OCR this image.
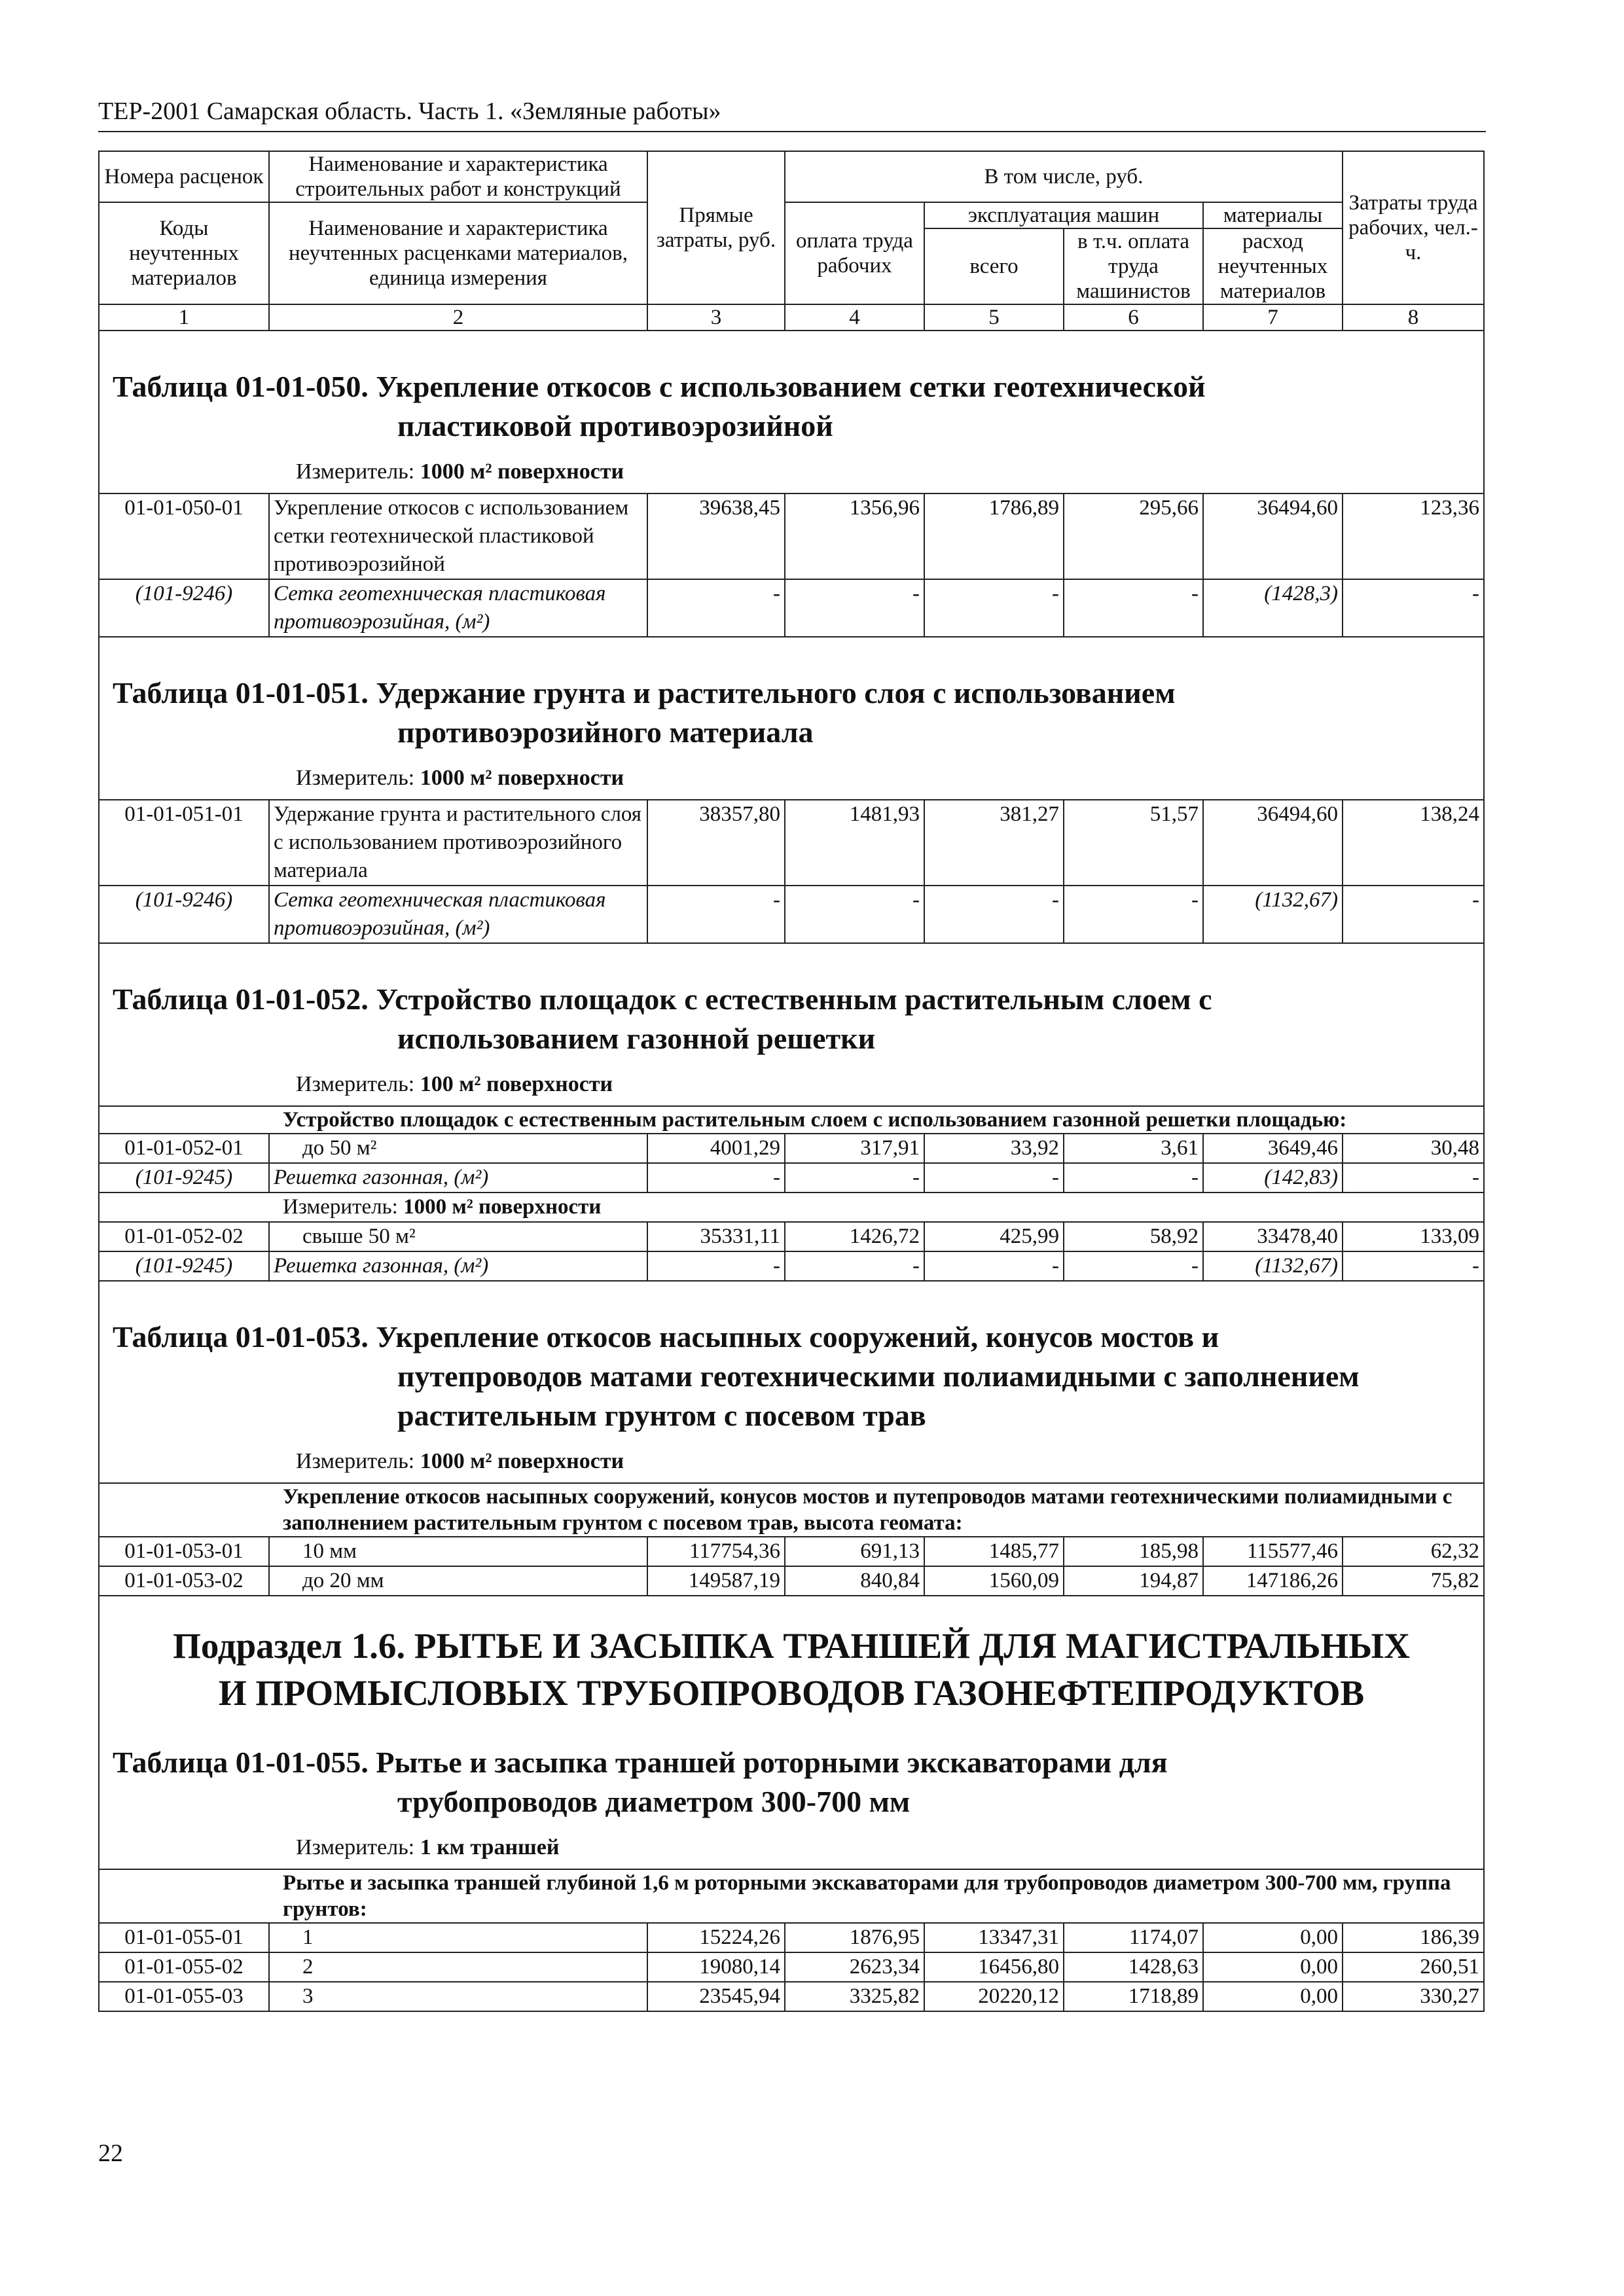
ТЕР-2001 Самарская область. Часть 1. «Земляные работы»
Номера расценок	Наименование и характеристика строительных работ и конструкций	Прямые затраты, руб.	В том числе, руб.				Затраты труда рабочих, чел.-ч.
Коды неучтенных материалов	Наименование и характеристика неучтенных расценками материалов, единица измерения		оплата труда рабочих	эксплуатация машин		материалы	
				всего	в т.ч. оплата труда машинистов	расход неучтенных материалов	
1	2	3	4	5	6	7	8
Таблица 01-01-050. Укрепление откосов с использованием сетки геотехнической
пластиковой противоэрозийной
Измеритель: 1000 м² поверхности							

01-01-050-01	Укрепление откосов с использованием сетки геотехнической пластиковой противоэрозийной	39638,45	1356,96	1786,89	295,66	36494,60	123,36
(101-9246)	Сетка геотехническая пластиковая противоэрозийная, (м²)	-	-	-	-	(1428,3)	-
Таблица 01-01-051. Удержание грунта и растительного слоя с использованием
противоэрозийного материала
Измеритель: 1000 м² поверхности							

01-01-051-01	Удержание грунта и растительного слоя с использованием противоэрозийного материала	38357,80	1481,93	381,27	51,57	36494,60	138,24
(101-9246)	Сетка геотехническая пластиковая противоэрозийная, (м²)	-	-	-	-	(1132,67)	-
Таблица 01-01-052. Устройство площадок с естественным растительным слоем с
использованием газонной решетки
Измеритель: 100 м² поверхности							

Устройство площадок с естественным растительным слоем с использованием газонной решетки площадью:							
01-01-052-01	до 50 м²	4001,29	317,91	33,92	3,61	3649,46	30,48
(101-9245)	Решетка газонная, (м²)	-	-	-	-	(142,83)	-
Измеритель: 1000 м² поверхности							
01-01-052-02	свыше 50 м²	35331,11	1426,72	425,99	58,92	33478,40	133,09
(101-9245)	Решетка газонная, (м²)	-	-	-	-	(1132,67)	-
Таблица 01-01-053. Укрепление откосов насыпных сооружений, конусов мостов и
путепроводов матами геотехническими полиамидными с заполнением
растительным грунтом с посевом трав
Измеритель: 1000 м² поверхности							

Укрепление откосов насыпных сооружений, конусов мостов и путепроводов матами геотехническими полиамидными с заполнением растительным грунтом с посевом трав, высота геомата:							
01-01-053-01	10 мм	117754,36	691,13	1485,77	185,98	115577,46	62,32
01-01-053-02	до 20 мм	149587,19	840,84	1560,09	194,87	147186,26	75,82
Подраздел 1.6. РЫТЬЕ И ЗАСЫПКА ТРАНШЕЙ ДЛЯ МАГИСТРАЛЬНЫХ
И ПРОМЫСЛОВЫХ ТРУБОПРОВОДОВ ГАЗОНЕФТЕПРОДУКТОВ							
Таблица 01-01-055. Рытье и засыпка траншей роторными экскаваторами для
трубопроводов диаметром 300-700 мм
Измеритель: 1 км траншей							

Рытье и засыпка траншей глубиной 1,6 м роторными экскаваторами для трубопроводов диаметром 300-700 мм, группа грунтов:							
01-01-055-01	1	15224,26	1876,95	13347,31	1174,07	0,00	186,39
01-01-055-02	2	19080,14	2623,34	16456,80	1428,63	0,00	260,51
01-01-055-03	3	23545,94	3325,82	20220,12	1718,89	0,00	330,27
22
